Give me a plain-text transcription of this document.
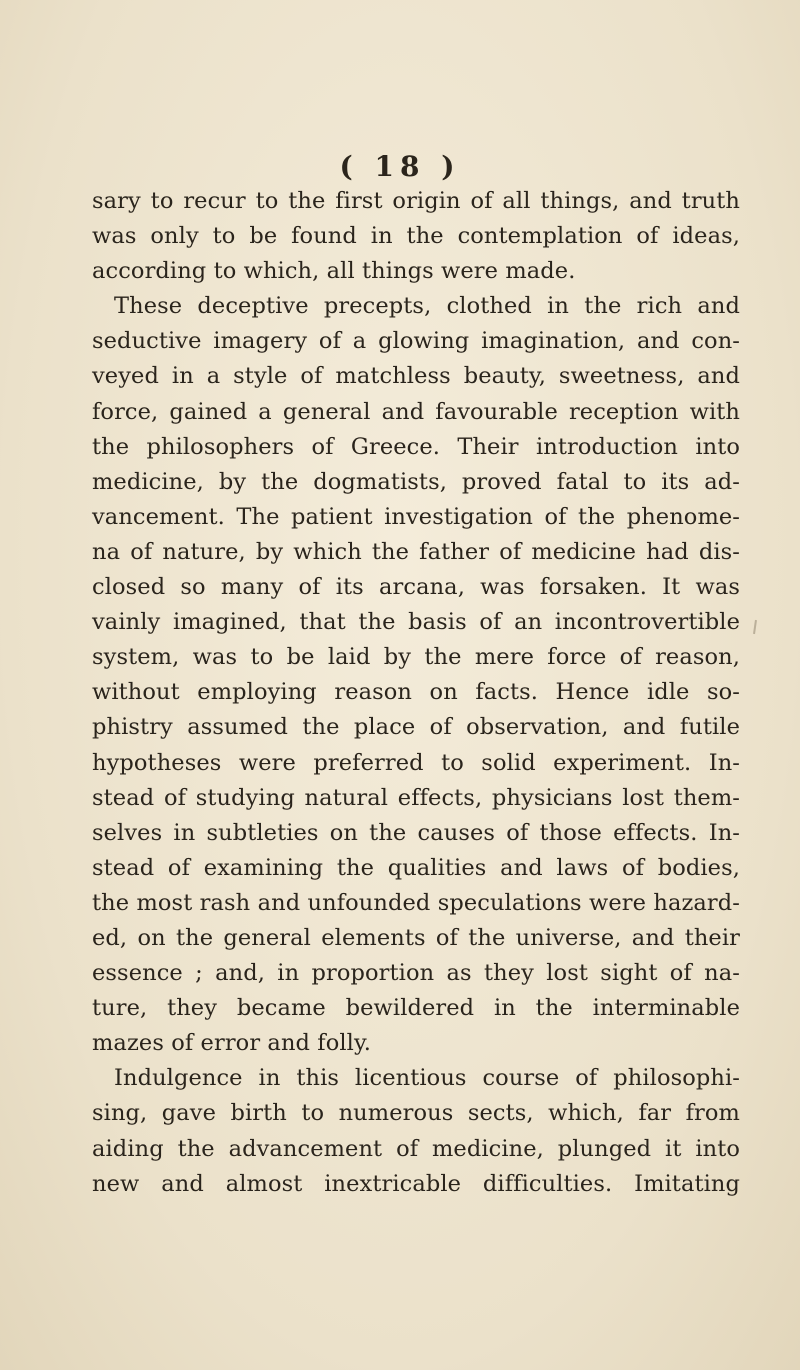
( 18 )
sary to recur to the first origin of all things, and truth
was only to be found in the contemplation of ideas,
according to which, all things were made.
These deceptive precepts, clothed in the rich and
seductive imagery of a glowing imagination, and con-
veyed in a style of matchless beauty, sweetness, and
force, gained a general and favourable reception with
the philosophers of Greece. Their introduction into
medicine, by the dogmatists, proved fatal to its ad-
vancement. The patient investigation of the phenome-
na of nature, by which the father of medicine had dis-
closed so many of its arcana, was forsaken. It was
vainly imagined, that the basis of an incontrovertible
system, was to be laid by the mere force of reason,
without employing reason on facts. Hence idle so-
phistry assumed the place of observation, and futile
hypotheses were preferred to solid experiment. In-
stead of studying natural effects, physicians lost them-
selves in subtleties on the causes of those effects. In-
stead of examining the qualities and laws of bodies,
the most rash and unfounded speculations were hazard-
ed, on the general elements of the universe, and their
essence ; and, in proportion as they lost sight of na-
ture, they became bewildered in the interminable
mazes of error and folly.
Indulgence in this licentious course of philosophi-
sing, gave birth to numerous sects, which, far from
aiding the advancement of medicine, plunged it into
new and almost inextricable difficulties. Imitating
